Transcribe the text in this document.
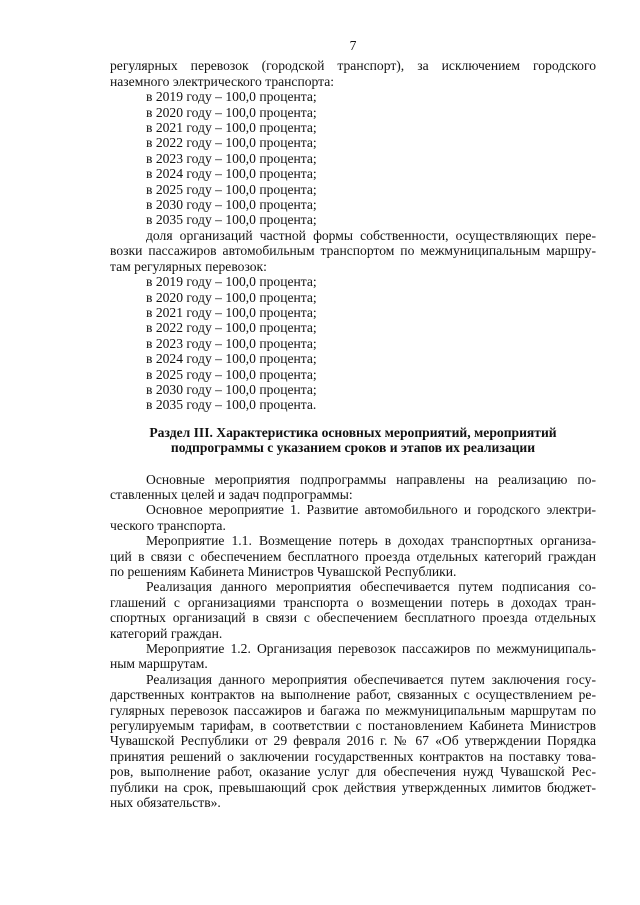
7
регулярных перевозок (городской транспорт), за исключением городского
наземного электрического транспорта:
в 2019 году – 100,0 процента;
в 2020 году – 100,0 процента;
в 2021 году – 100,0 процента;
в 2022 году – 100,0 процента;
в 2023 году – 100,0 процента;
в 2024 году – 100,0 процента;
в 2025 году – 100,0 процента;
в 2030 году – 100,0 процента;
в 2035 году – 100,0 процента;
доля организаций частной формы собственности, осуществляющих пере-
возки пассажиров автомобильным транспортом по межмуниципальным маршру-
там регулярных перевозок:
в 2019 году – 100,0 процента;
в 2020 году – 100,0 процента;
в 2021 году – 100,0 процента;
в 2022 году – 100,0 процента;
в 2023 году – 100,0 процента;
в 2024 году – 100,0 процента;
в 2025 году – 100,0 процента;
в 2030 году – 100,0 процента;
в 2035 году – 100,0 процента.
Раздел III. Характеристика основных мероприятий, мероприятий
подпрограммы с указанием сроков и этапов их реализации
Основные мероприятия подпрограммы направлены на реализацию по-
ставленных целей и задач подпрограммы:
Основное мероприятие 1. Развитие автомобильного и городского электри-
ческого транспорта.
Мероприятие 1.1. Возмещение потерь в доходах транспортных организа-
ций в связи с обеспечением бесплатного проезда отдельных категорий граждан
по решениям Кабинета Министров Чувашской Республики.
Реализация данного мероприятия обеспечивается путем подписания со-
глашений с организациями транспорта о возмещении потерь в доходах тран-
спортных организаций в связи с обеспечением бесплатного проезда отдельных
категорий граждан.
Мероприятие 1.2. Организация перевозок пассажиров по межмуниципаль-
ным маршрутам.
Реализация данного мероприятия обеспечивается путем заключения госу-
дарственных контрактов на выполнение работ, связанных с осуществлением ре-
гулярных перевозок пассажиров и багажа по межмуниципальным маршрутам по
регулируемым тарифам, в соответствии с постановлением Кабинета Министров
Чувашской Республики от 29 февраля 2016 г. № 67 «Об утверждении Порядка
принятия решений о заключении государственных контрактов на поставку това-
ров, выполнение работ, оказание услуг для обеспечения нужд Чувашской Рес-
публики на срок, превышающий срок действия утвержденных лимитов бюджет-
ных обязательств».
